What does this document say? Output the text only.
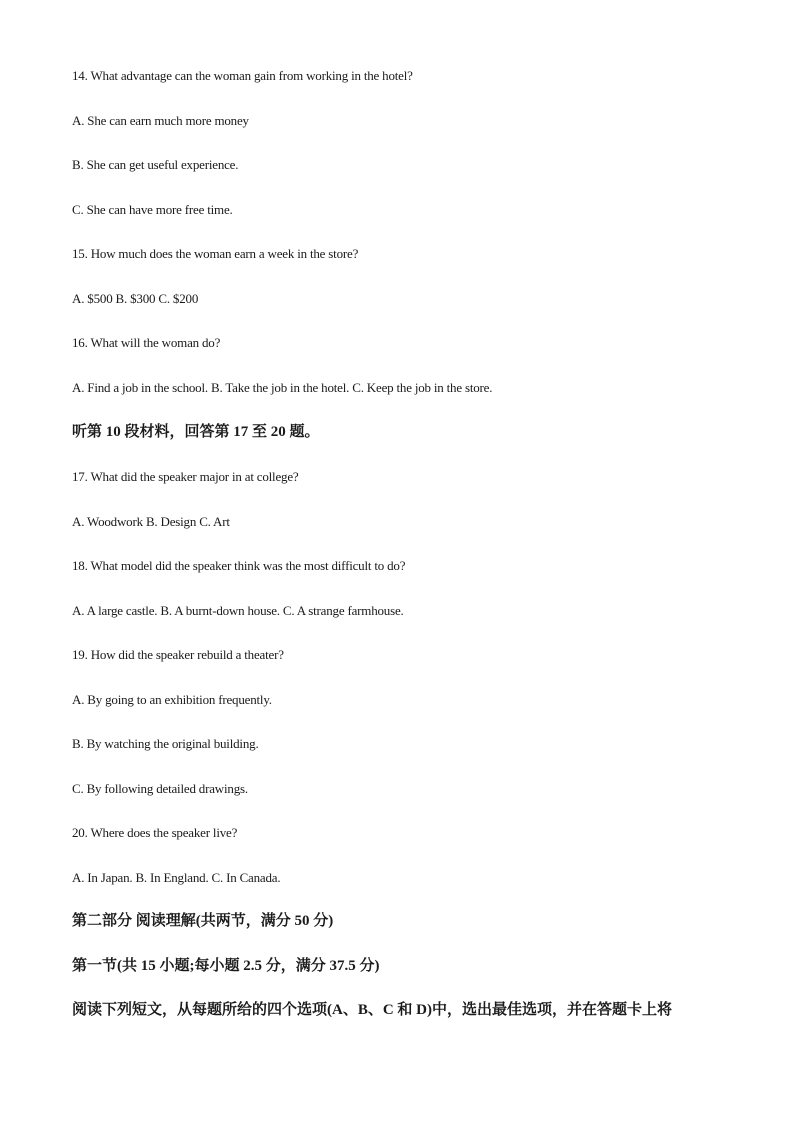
14. What advantage can the woman gain from working in the hotel?
A. She can earn much more money
B. She can get useful experience.
C. She can have more free time.
15. How much does the woman earn a week in the store?
A. $500 B. $300 C. $200
16. What will the woman do?
A. Find a job in the school. B. Take the job in the hotel. C. Keep the job in the store.
听第 10 段材料，回答第 17 至 20 题。
17. What did the speaker major in at college?
A. Woodwork B. Design C. Art
18. What model did the speaker think was the most difficult to do?
A. A large castle. B. A burnt-down house. C. A strange farmhouse.
19. How did the speaker rebuild a theater?
A. By going to an exhibition frequently.
B. By watching the original building.
C. By following detailed drawings.
20. Where does the speaker live?
A. In Japan. B. In England. C. In Canada.
第二部分 阅读理解(共两节，满分 50 分)
第一节(共 15 小题;每小题 2.5 分，满分 37.5 分)
阅读下列短文，从每题所给的四个选项(A、B、C 和 D)中，选出最佳选项，并在答题卡上将
